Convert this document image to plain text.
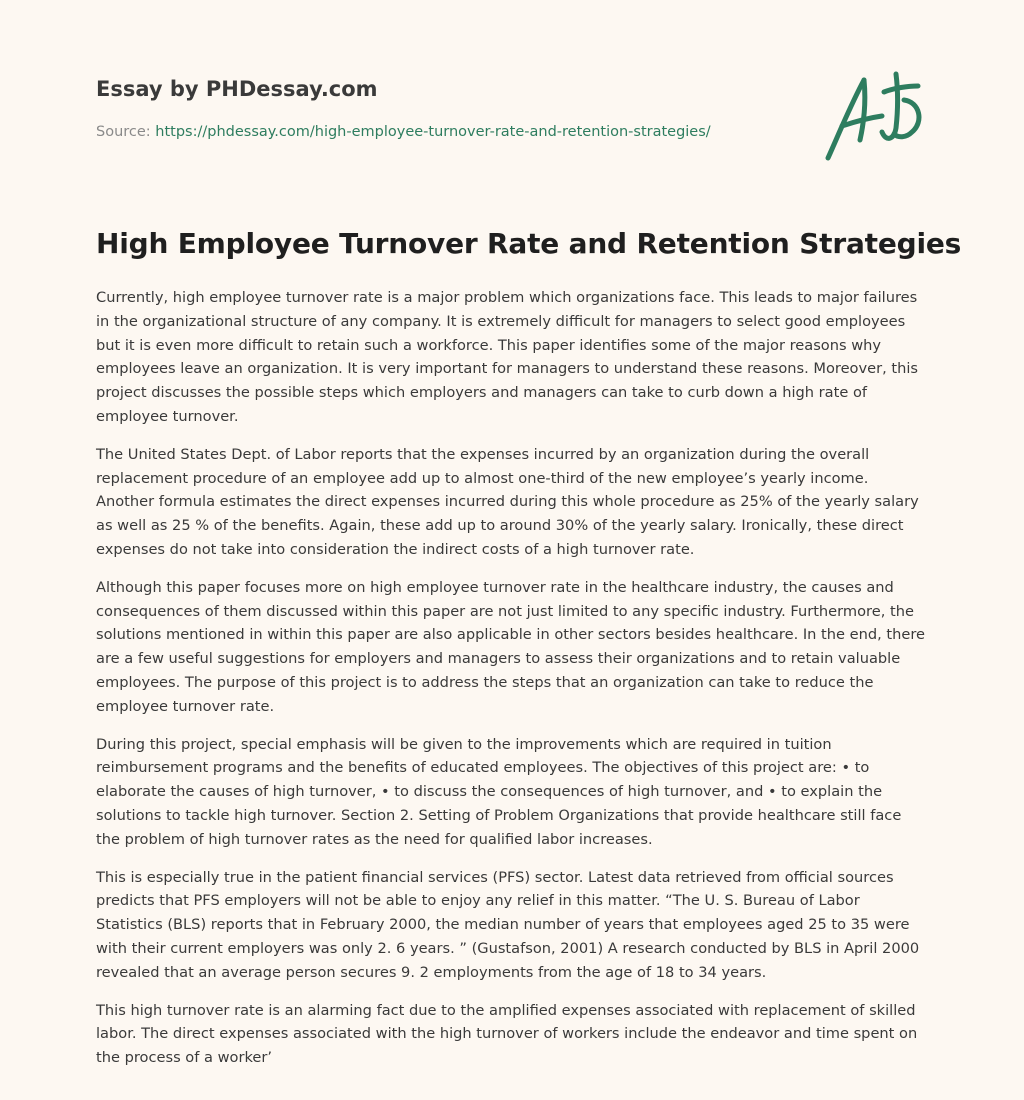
Essay by PHDessay.com
Source: https://phdessay.com/high-employee-turnover-rate-and-retention-strategies/
High Employee Turnover Rate and Retention Strategies

Currently, high employee turnover rate is a major problem which organizations face. This leads to major failures in the organizational structure of any company. It is extremely difficult for managers to select good employees but it is even more difficult to retain such a workforce. This paper identifies some of the major reasons why employees leave an organization. It is very important for managers to understand these reasons. Moreover, this project discusses the possible steps which employers and managers can take to curb down a high rate of employee turnover.

The United States Dept. of Labor reports that the expenses incurred by an organization during the overall replacement procedure of an employee add up to almost one-third of the new employee’s yearly income. Another formula estimates the direct expenses incurred during this whole procedure as 25% of the yearly salary as well as 25 % of the benefits. Again, these add up to around 30% of the yearly salary. Ironically, these direct expenses do not take into consideration the indirect costs of a high turnover rate.

Although this paper focuses more on high employee turnover rate in the healthcare industry, the causes and consequences of them discussed within this paper are not just limited to any specific industry. Furthermore, the solutions mentioned in within this paper are also applicable in other sectors besides healthcare. In the end, there are a few useful suggestions for employers and managers to assess their organizations and to retain valuable employees. The purpose of this project is to address the steps that an organization can take to reduce the employee turnover rate.

During this project, special emphasis will be given to the improvements which are required in tuition reimbursement programs and the benefits of educated employees. The objectives of this project are: • to elaborate the causes of high turnover, • to discuss the consequences of high turnover, and • to explain the solutions to tackle high turnover. Section 2. Setting of Problem Organizations that provide healthcare still face the problem of high turnover rates as the need for qualified labor increases.

This is especially true in the patient financial services (PFS) sector. Latest data retrieved from official sources predicts that PFS employers will not be able to enjoy any relief in this matter. “The U. S. Bureau of Labor Statistics (BLS) reports that in February 2000, the median number of years that employees aged 25 to 35 were with their current employers was only 2. 6 years. ” (Gustafson, 2001) A research conducted by BLS in April 2000 revealed that an average person secures 9. 2 employments from the age of 18 to 34 years.

This high turnover rate is an alarming fact due to the amplified expenses associated with replacement of skilled labor. The direct expenses associated with the high turnover of workers include the endeavor and time spent on the process of a worker’
